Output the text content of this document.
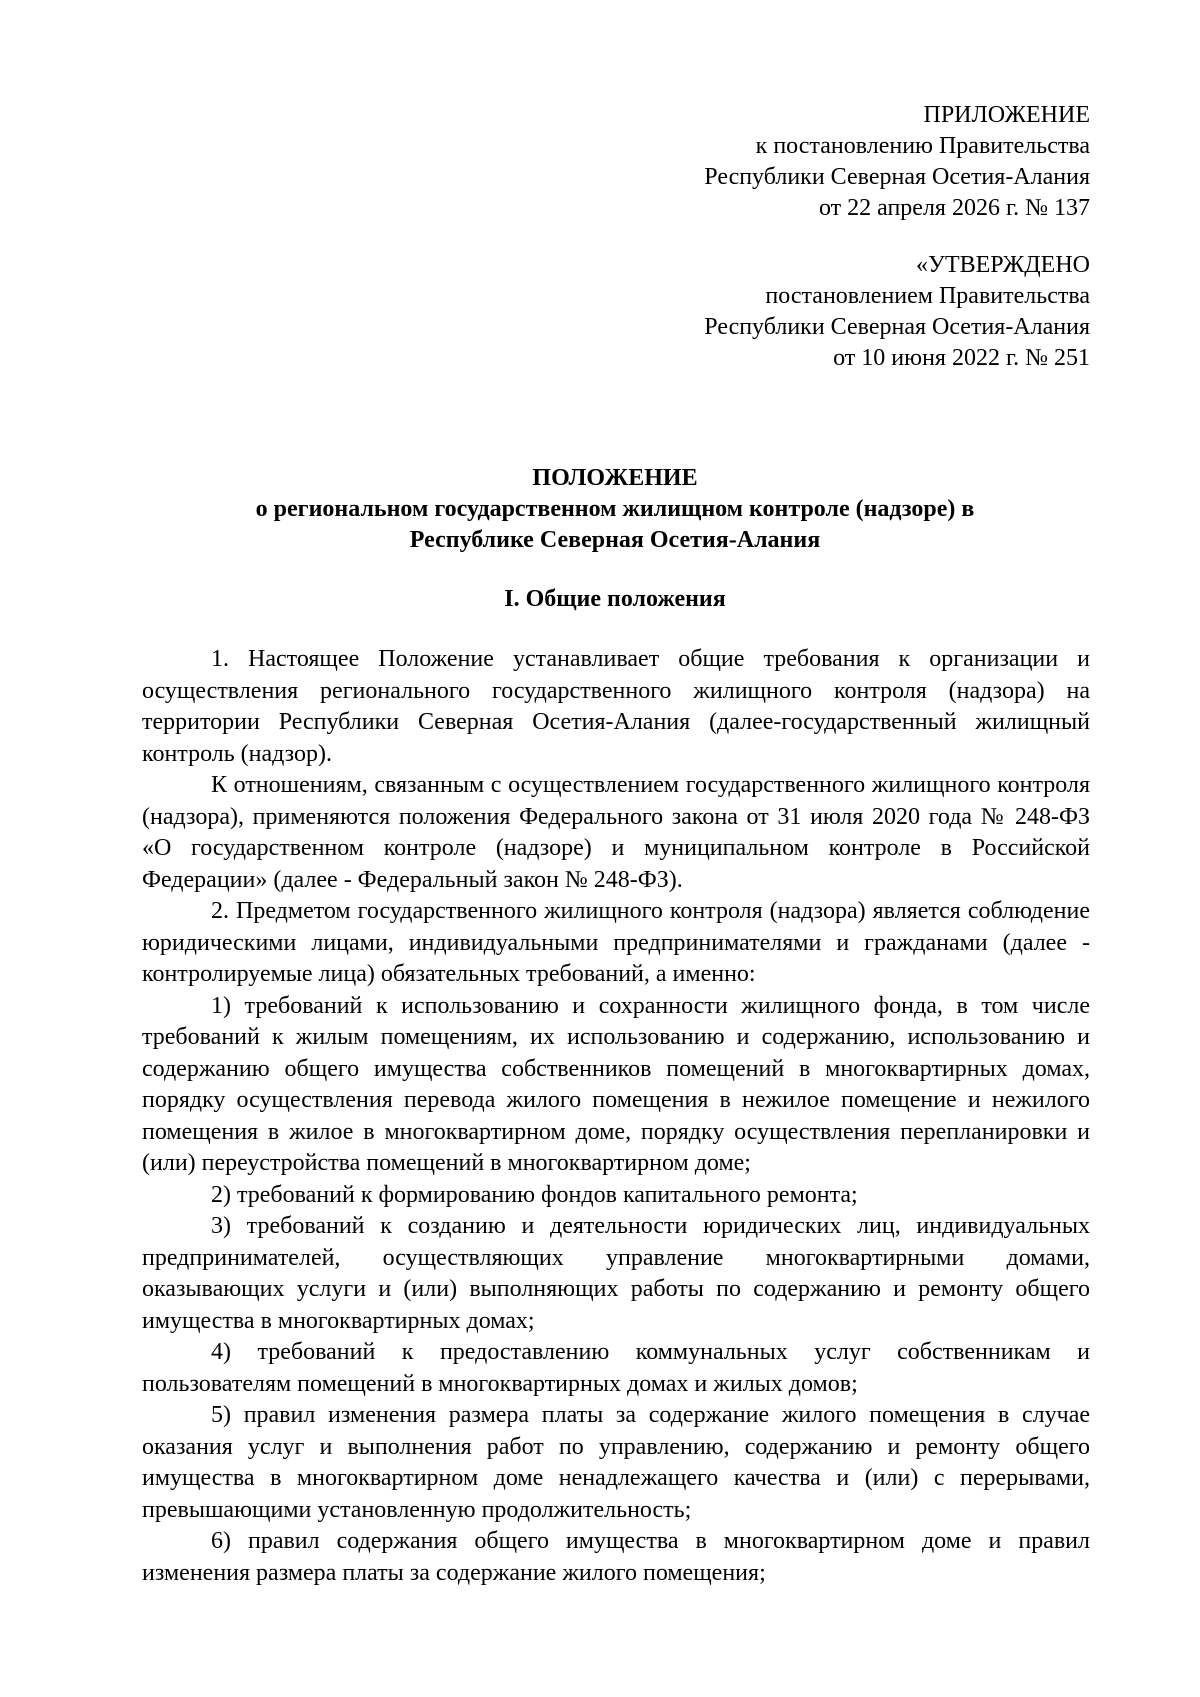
ПРИЛОЖЕНИЕ
к постановлению Правительства
Республики Северная Осетия-Алания
от 22 апреля 2026 г. № 137
«УТВЕРЖДЕНО
постановлением Правительства
Республики Северная Осетия-Алания
от 10 июня 2022 г. № 251
ПОЛОЖЕНИЕ
о региональном государственном жилищном контроле (надзоре) в
Республике Северная Осетия-Алания
I. Общие положения

1. Настоящее Положение устанавливает общие требования к организации и осуществления регионального государственного жилищного контроля (надзора) на территории Республики Северная Осетия-Алания (далее-государственный жилищный контроль (надзор).

К отношениям, связанным с осуществлением государственного жилищного контроля (надзора), применяются положения Федерального закона от 31 июля 2020 года № 248-ФЗ «О государственном контроле (надзоре) и муниципальном контроле в Российской Федерации» (далее - Федеральный закон № 248-ФЗ).

2. Предметом государственного жилищного контроля (надзора) является соблюдение юридическими лицами, индивидуальными предпринимателями и гражданами (далее - контролируемые лица) обязательных требований, а именно:

1) требований к использованию и сохранности жилищного фонда, в том числе требований к жилым помещениям, их использованию и содержанию, использованию и содержанию общего имущества собственников помещений в многоквартирных домах, порядку осуществления перевода жилого помещения в нежилое помещение и нежилого помещения в жилое в многоквартирном доме, порядку осуществления перепланировки и (или) переустройства помещений в многоквартирном доме;

2) требований к формированию фондов капитального ремонта;

3) требований к созданию и деятельности юридических лиц, индивидуальных предпринимателей, осуществляющих управление многоквартирными домами, оказывающих услуги и (или) выполняющих работы по содержанию и ремонту общего имущества в многоквартирных домах;

4) требований к предоставлению коммунальных услуг собственникам и пользователям помещений в многоквартирных домах и жилых домов;

5) правил изменения размера платы за содержание жилого помещения в случае оказания услуг и выполнения работ по управлению, содержанию и ремонту общего имущества в многоквартирном доме ненадлежащего качества и (или) с перерывами, превышающими установленную продолжительность;

6) правил содержания общего имущества в многоквартирном доме и правил изменения размера платы за содержание жилого помещения;
